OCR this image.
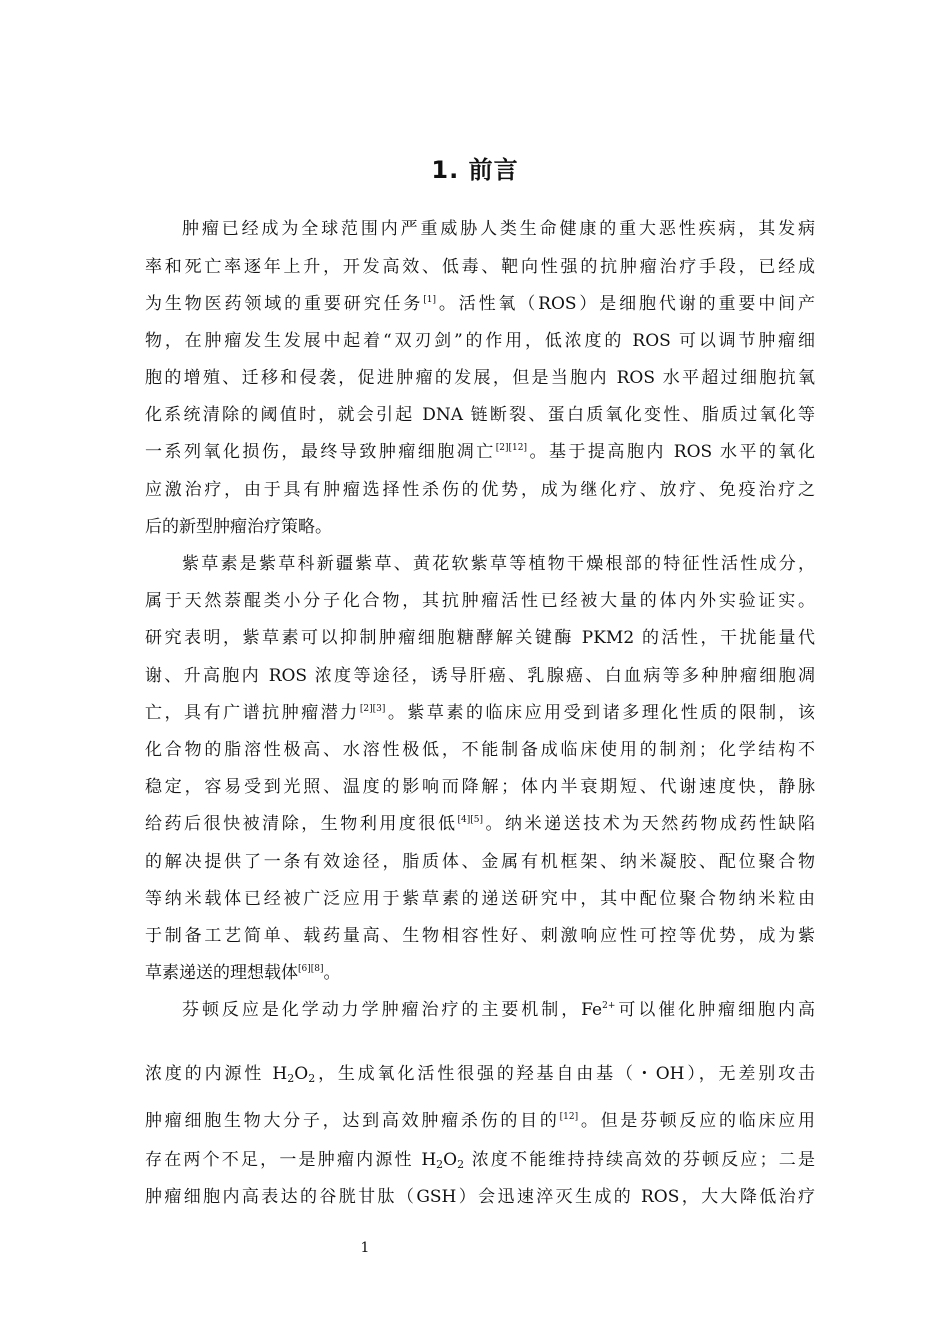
1. 前言
肿瘤已经成为全球范围内严重威胁人类生命健康的重大恶性疾病，其发病
率和死亡率逐年上升，开发高效、低毒、靶向性强的抗肿瘤治疗手段，已经成
为生物医药领域的重要研究任务[1]。活性氧（ROS）是细胞代谢的重要中间产
物，在肿瘤发生发展中起着“双刃剑”的作用，低浓度的 ROS 可以调节肿瘤细
胞的增殖、迁移和侵袭，促进肿瘤的发展，但是当胞内 ROS 水平超过细胞抗氧
化系统清除的阈值时，就会引起 DNA 链断裂、蛋白质氧化变性、脂质过氧化等
一系列氧化损伤，最终导致肿瘤细胞凋亡[2][12]。基于提高胞内 ROS 水平的氧化
应激治疗，由于具有肿瘤选择性杀伤的优势，成为继化疗、放疗、免疫治疗之
后的新型肿瘤治疗策略。
紫草素是紫草科新疆紫草、黄花软紫草等植物干燥根部的特征性活性成分，
属于天然萘醌类小分子化合物，其抗肿瘤活性已经被大量的体内外实验证实。
研究表明，紫草素可以抑制肿瘤细胞糖酵解关键酶 PKM2 的活性，干扰能量代
谢、升高胞内 ROS 浓度等途径，诱导肝癌、乳腺癌、白血病等多种肿瘤细胞凋
亡，具有广谱抗肿瘤潜力[2][3]。紫草素的临床应用受到诸多理化性质的限制，该
化合物的脂溶性极高、水溶性极低，不能制备成临床使用的制剂；化学结构不
稳定，容易受到光照、温度的影响而降解；体内半衰期短、代谢速度快，静脉
给药后很快被清除，生物利用度很低[4][5]。纳米递送技术为天然药物成药性缺陷
的解决提供了一条有效途径，脂质体、金属有机框架、纳米凝胶、配位聚合物
等纳米载体已经被广泛应用于紫草素的递送研究中，其中配位聚合物纳米粒由
于制备工艺简单、载药量高、生物相容性好、刺激响应性可控等优势，成为紫
草素递送的理想载体[6][8]。
芬顿反应是化学动力学肿瘤治疗的主要机制，$Fe^{2+}$可以催化肿瘤细胞内高
浓度的内源性 $H_2O_2$，生成氧化活性很强的羟基自由基（・OH），无差别攻击
肿瘤细胞生物大分子，达到高效肿瘤杀伤的目的[12]。但是芬顿反应的临床应用
存在两个不足，一是肿瘤内源性 $H_2O_2$ 浓度不能维持持续高效的芬顿反应；二是
肿瘤细胞内高表达的谷胱甘肽（GSH）会迅速淬灭生成的 ROS，大大降低治疗
1
